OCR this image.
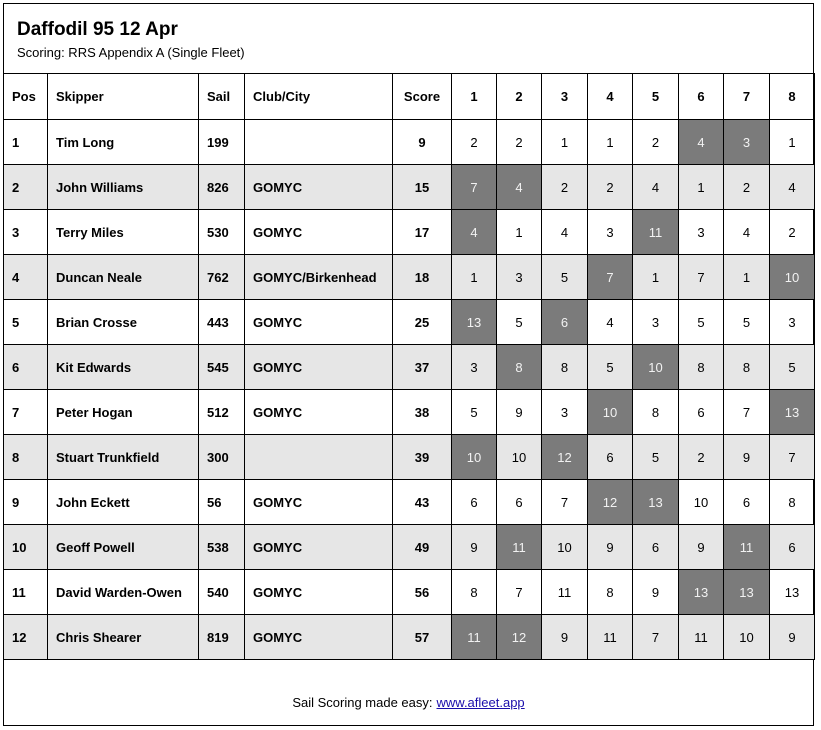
Daffodil 95 12 Apr
Scoring: RRS Appendix A (Single Fleet)
Pos	Skipper	Sail	Club/City	Score	1	2	3	4	5	6	7	8
1	Tim Long	199		9	2	2	1	1	2	4	3	1
2	John Williams	826	GOMYC	15	7	4	2	2	4	1	2	4
3	Terry Miles	530	GOMYC	17	4	1	4	3	11	3	4	2
4	Duncan Neale	762	GOMYC/Birkenhead	18	1	3	5	7	1	7	1	10
5	Brian Crosse	443	GOMYC	25	13	5	6	4	3	5	5	3
6	Kit Edwards	545	GOMYC	37	3	8	8	5	10	8	8	5
7	Peter Hogan	512	GOMYC	38	5	9	3	10	8	6	7	13
8	Stuart Trunkfield	300		39	10	10	12	6	5	2	9	7
9	John Eckett	56	GOMYC	43	6	6	7	12	13	10	6	8
10	Geoff Powell	538	GOMYC	49	9	11	10	9	6	9	11	6
11	David Warden-Owen	540	GOMYC	56	8	7	11	8	9	13	13	13
12	Chris Shearer	819	GOMYC	57	11	12	9	11	7	11	10	9
Sail Scoring made easy: www.afleet.app
